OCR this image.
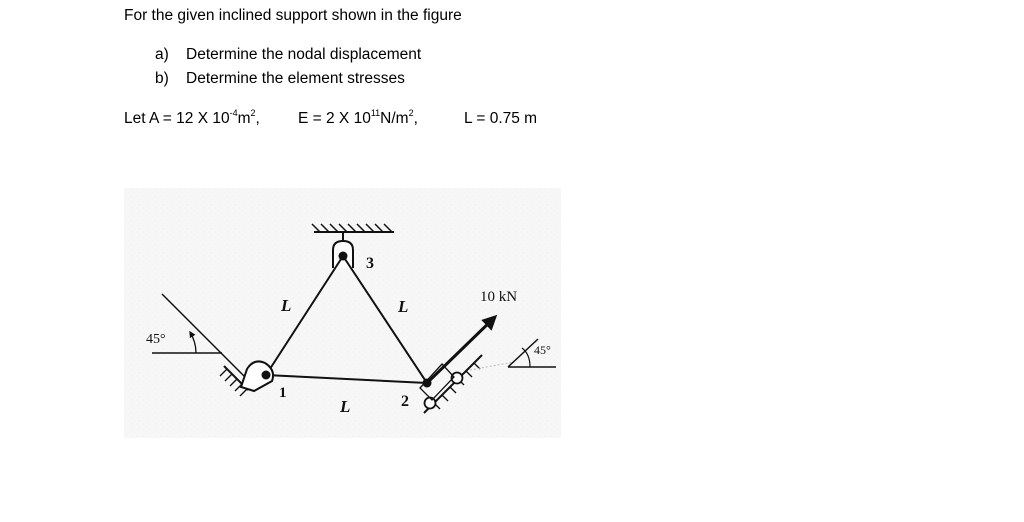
For the given inclined support shown in the figure
a) Determine the nodal displacement
b) Determine the element stresses
Let A = 12 X $10^{-4}m^2$, E = 2 X $10^{11}N/m^2$,	L = 0.75 m
45°
10 kN
45°
3
1	2
L	L
L
